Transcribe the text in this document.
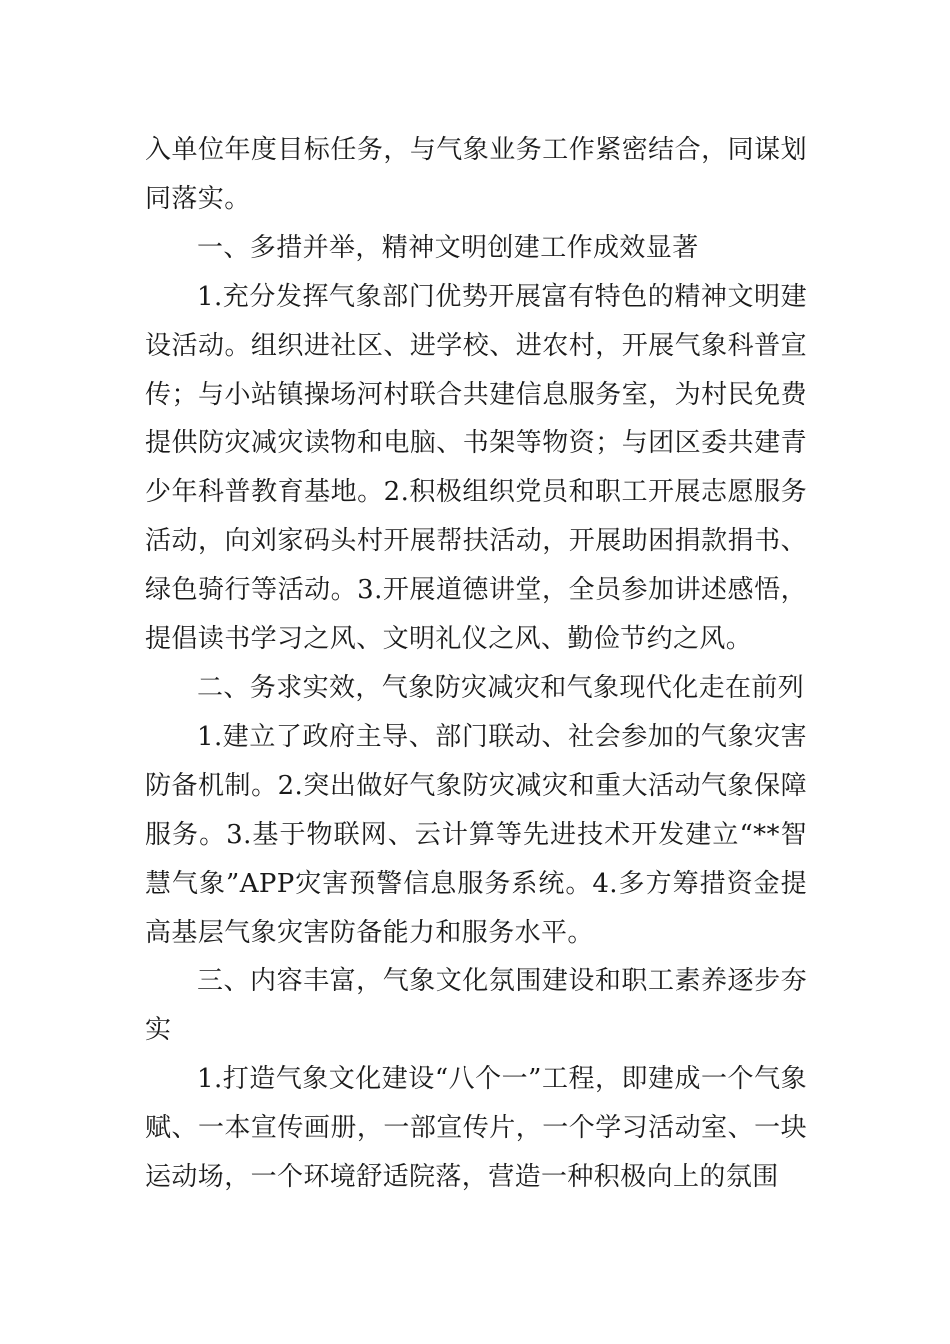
入单位年度目标任务，与气象业务工作紧密结合，同谋划同落实。

一、多措并举，精神文明创建工作成效显著

1.充分发挥气象部门优势开展富有特色的精神文明建设活动。组织进社区、进学校、进农村，开展气象科普宣传；与小站镇操场河村联合共建信息服务室，为村民免费提供防灾减灾读物和电脑、书架等物资；与团区委共建青少年科普教育基地。2.积极组织党员和职工开展志愿服务活动，向刘家码头村开展帮扶活动，开展助困捐款捐书、绿色骑行等活动。3.开展道德讲堂，全员参加讲述感悟，提倡读书学习之风、文明礼仪之风、勤俭节约之风。

二、务求实效，气象防灾减灾和气象现代化走在前列

1.建立了政府主导、部门联动、社会参加的气象灾害防备机制。2.突出做好气象防灾减灾和重大活动气象保障服务。3.基于物联网、云计算等先进技术开发建立“**智慧气象”APP灾害预警信息服务系统。4.多方筹措资金提高基层气象灾害防备能力和服务水平。

三、内容丰富，气象文化氛围建设和职工素养逐步夯实

1.打造气象文化建设“八个一”工程，即建成一个气象赋、一本宣传画册，一部宣传片，一个学习活动室、一块运动场，一个环境舒适院落，营造一种积极向上的氛围
